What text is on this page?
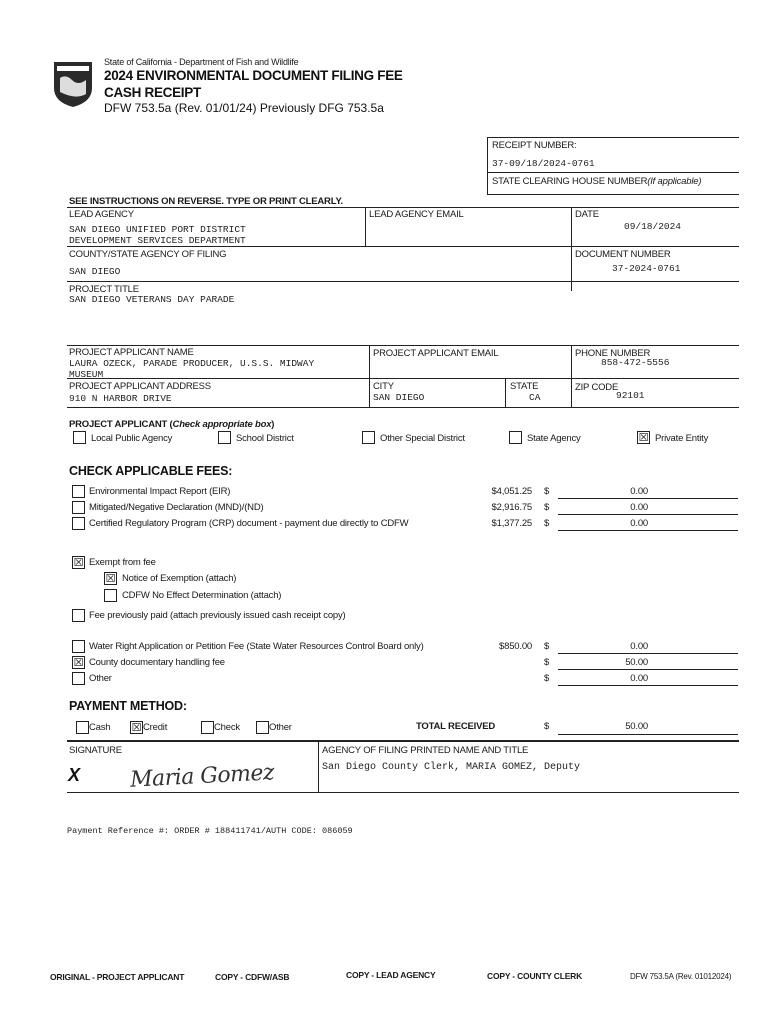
State of California - Department of Fish and Wildlife
2024 ENVIRONMENTAL DOCUMENT FILING FEE
CASH RECEIPT
DFW 753.5a (Rev. 01/01/24) Previously DFG 753.5a
RECEIPT NUMBER:
37-09/18/2024-0761
STATE CLEARING HOUSE NUMBER(If applicable)
SEE INSTRUCTIONS ON REVERSE. TYPE OR PRINT CLEARLY.
LEAD AGENCY
SAN DIEGO UNIFIED PORT DISTRICT
DEVELOPMENT SERVICES DEPARTMENT
LEAD AGENCY EMAIL	DATE
09/18/2024
COUNTY/STATE AGENCY OF FILING
SAN DIEGO
DOCUMENT NUMBER
37-2024-0761
PROJECT TITLE
SAN DIEGO VETERANS DAY PARADE
PROJECT APPLICANT NAME
LAURA OZECK, PARADE PRODUCER, U.S.S. MIDWAY
MUSEUM
PROJECT APPLICANT EMAIL	PHONE NUMBER
858-472-5556
PROJECT APPLICANT ADDRESS
910 N HARBOR DRIVE
CITY
SAN DIEGO
STATE
CA
ZIP CODE
92101
PROJECT APPLICANT (Check appropriate box)
Local Public Agency	School District	Other Special District	State Agency	☒ Private Entity
CHECK APPLICABLE FEES:
Environmental Impact Report (EIR)	$4,051.25 $	0.00
Mitigated/Negative Declaration (MND)/(ND)	$2,916.75 $	0.00
Certified Regulatory Program (CRP) document - payment due directly to CDFW	$1,377.25 $	0.00
☒ Exempt from fee
☒ Notice of Exemption (attach)
CDFW No Effect Determination (attach)
Fee previously paid (attach previously issued cash receipt copy)
Water Right Application or Petition Fee (State Water Resources Control Board only)	$850.00 $	0.00
☒ County documentary handling fee	$	50.00
Other	$	0.00
PAYMENT METHOD:
Cash ☒ Credit	Check	Other	TOTAL RECEIVED	$	50.00
SIGNATURE
X Maria Gomez
AGENCY OF FILING PRINTED NAME AND TITLE
San Diego County Clerk, MARIA GOMEZ, Deputy
Payment Reference #: ORDER # 188411741/AUTH CODE: 086059
ORIGINAL - PROJECT APPLICANT	COPY - CDFW/ASB	COPY - LEAD AGENCY	COPY - COUNTY CLERK	DFW 753.5A (Rev. 01012024)
